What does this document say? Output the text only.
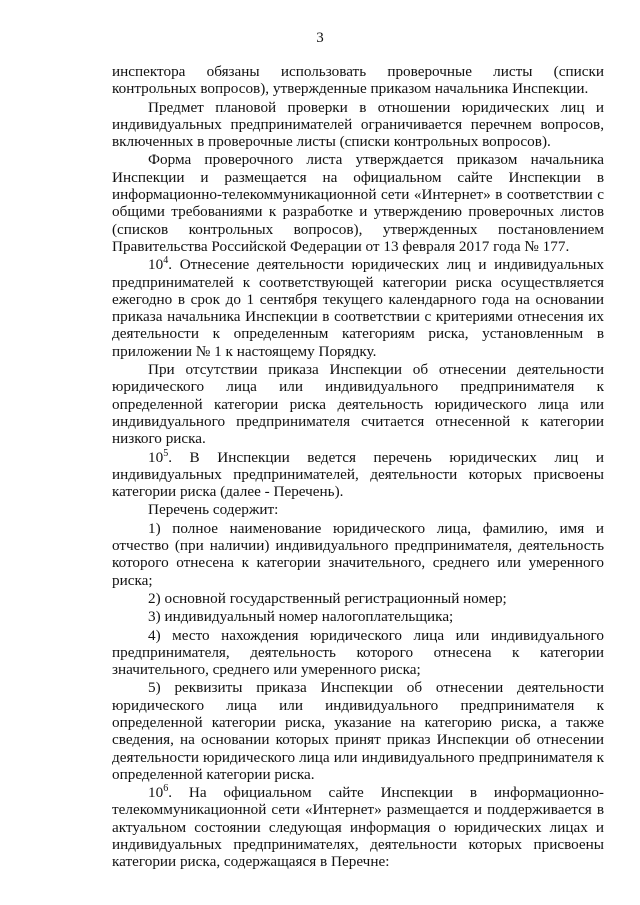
3

инспектора обязаны использовать проверочные листы (списки контрольных вопросов), утвержденные приказом начальника Инспекции.

Предмет плановой проверки в отношении юридических лиц и индивидуальных предпринимателей ограничивается перечнем вопросов, включенных в проверочные листы (списки контрольных вопросов).

Форма проверочного листа утверждается приказом начальника Инспекции и размещается на официальном сайте Инспекции в информационно-телекоммуникационной сети «Интернет» в соответствии с общими требованиями к разработке и утверждению проверочных листов (списков контрольных вопросов), утвержденных постановлением Правительства Российской Федерации от 13 февраля 2017 года № 177.

$10^4$. Отнесение деятельности юридических лиц и индивидуальных предпринимателей к соответствующей категории риска осуществляется ежегодно в срок до 1 сентября текущего календарного года на основании приказа начальника Инспекции в соответствии с критериями отнесения их деятельности к определенным категориям риска, установленным в приложении № 1 к настоящему Порядку.

При отсутствии приказа Инспекции об отнесении деятельности юридического лица или индивидуального предпринимателя к определенной категории риска деятельность юридического лица или индивидуального предпринимателя считается отнесенной к категории низкого риска.

$10^5$. В Инспекции ведется перечень юридических лиц и индивидуальных предпринимателей, деятельности которых присвоены категории риска (далее - Перечень).

Перечень содержит:

1) полное наименование юридического лица, фамилию, имя и отчество (при наличии) индивидуального предпринимателя, деятельность которого отнесена к категории значительного, среднего или умеренного риска;

2) основной государственный регистрационный номер;

3) индивидуальный номер налогоплательщика;

4) место нахождения юридического лица или индивидуального предпринимателя, деятельность которого отнесена к категории значительного, среднего или умеренного риска;

5) реквизиты приказа Инспекции об отнесении деятельности юридического лица или индивидуального предпринимателя к определенной категории риска, указание на категорию риска, а также сведения, на основании которых принят приказ Инспекции об отнесении деятельности юридического лица или индивидуального предпринимателя к определенной категории риска.

$10^6$. На официальном сайте Инспекции в информационно-телекоммуникационной сети «Интернет» размещается и поддерживается в актуальном состоянии следующая информация о юридических лицах и индивидуальных предпринимателях, деятельности которых присвоены категории риска, содержащаяся в Перечне:
